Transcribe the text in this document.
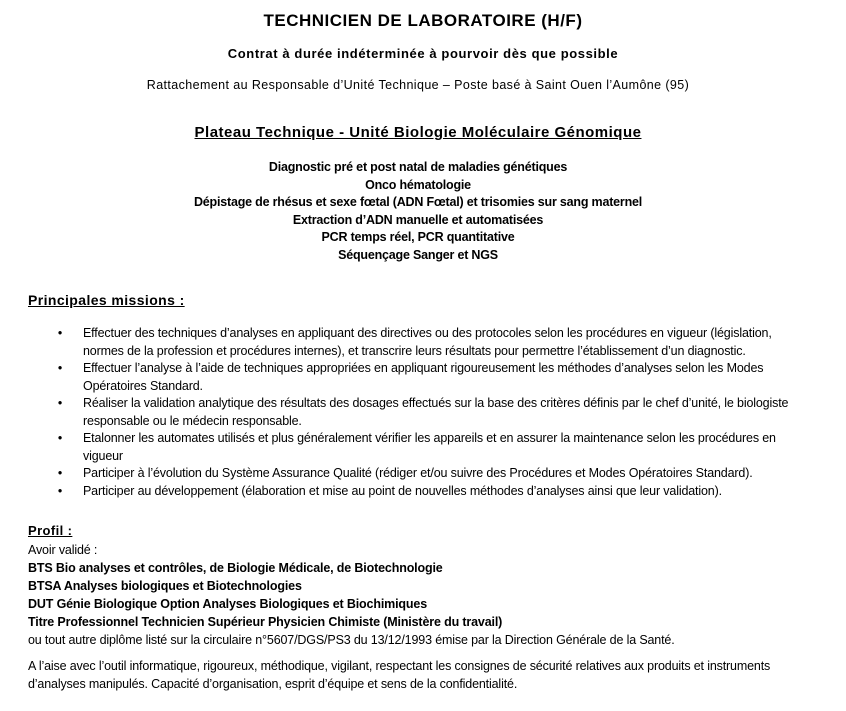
TECHNICIEN DE LABORATOIRE (H/F)
Contrat à durée indéterminée à pourvoir dès que possible
Rattachement au Responsable d’Unité Technique – Poste basé à Saint Ouen l’Aumône (95)
Plateau Technique - Unité Biologie Moléculaire Génomique
Diagnostic pré et post natal de maladies génétiques
Onco hématologie
Dépistage de rhésus et sexe fœtal (ADN Fœtal) et trisomies sur sang maternel
Extraction d’ADN manuelle et automatisées
PCR temps réel, PCR quantitative
Séquençage Sanger et NGS
Principales missions :
• Effectuer des techniques d’analyses en appliquant des directives ou des protocoles selon les procédures en vigueur (législation,
normes de la profession et procédures internes), et transcrire leurs résultats pour permettre l’établissement d’un diagnostic.
• Effectuer l’analyse à l’aide de techniques appropriées en appliquant rigoureusement les méthodes d’analyses selon les Modes
Opératoires Standard.
• Réaliser la validation analytique des résultats des dosages effectués sur la base des critères définis par le chef d’unité, le biologiste
responsable ou le médecin responsable.
• Etalonner les automates utilisés et plus généralement vérifier les appareils et en assurer la maintenance selon les procédures en
vigueur
• Participer à l’évolution du Système Assurance Qualité (rédiger et/ou suivre des Procédures et Modes Opératoires Standard).
• Participer au développement (élaboration et mise au point de nouvelles méthodes d’analyses ainsi que leur validation).
Profil :
Avoir validé :
BTS Bio analyses et contrôles, de Biologie Médicale, de Biotechnologie
BTSA Analyses biologiques et Biotechnologies
DUT Génie Biologique Option Analyses Biologiques et Biochimiques
Titre Professionnel Technicien Supérieur Physicien Chimiste (Ministère du travail)
ou tout autre diplôme listé sur la circulaire n°5607/DGS/PS3 du 13/12/1993 émise par la Direction Générale de la Santé.
A l’aise avec l’outil informatique, rigoureux, méthodique, vigilant, respectant les consignes de sécurité relatives aux produits et instruments
d’analyses manipulés. Capacité d’organisation, esprit d’équipe et sens de la confidentialité.
